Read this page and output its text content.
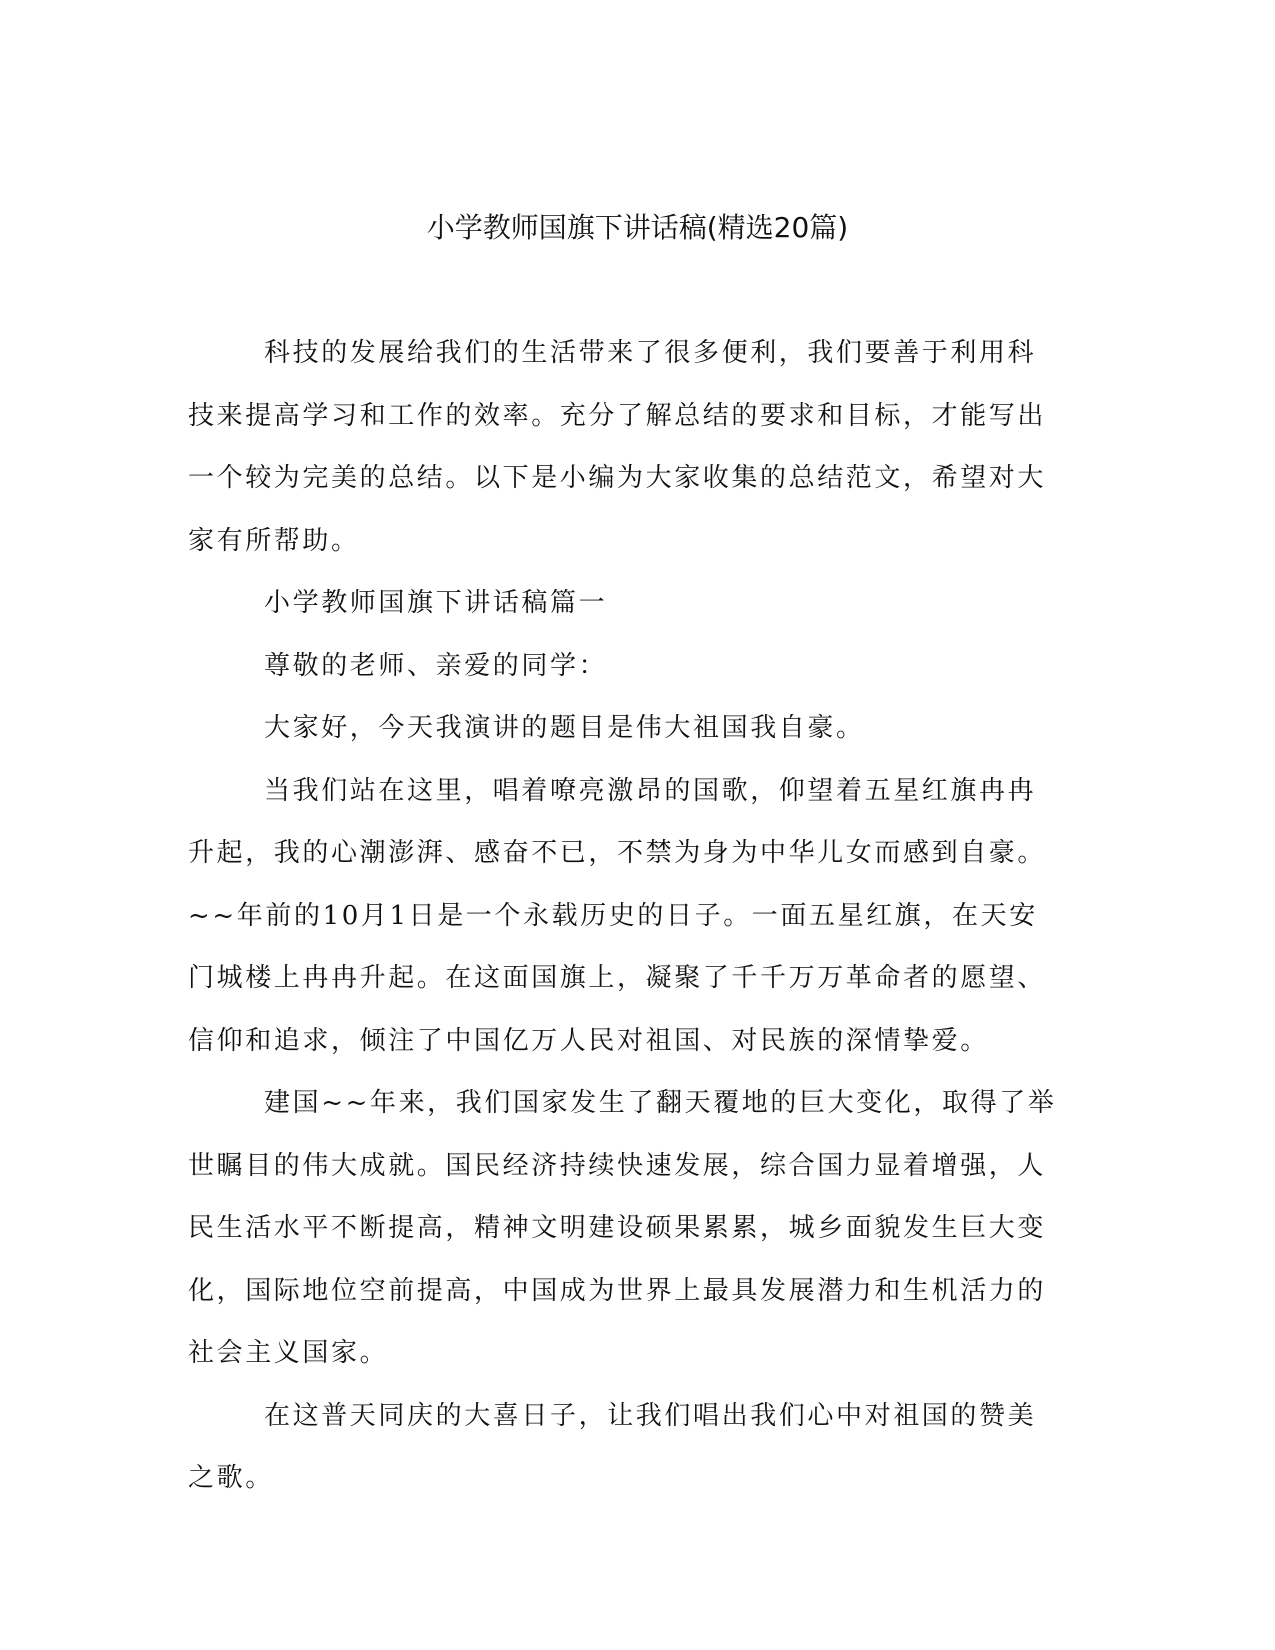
小学教师国旗下讲话稿(精选20篇)

科技的发展给我们的生活带来了很多便利，我们要善于利用科技来提高学习和工作的效率。充分了解总结的要求和目标，才能写出一个较为完美的总结。以下是小编为大家收集的总结范文，希望对大家有所帮助。

小学教师国旗下讲话稿篇一

尊敬的老师、亲爱的同学：

大家好，今天我演讲的题目是伟大祖国我自豪。

当我们站在这里，唱着嘹亮激昂的国歌，仰望着五星红旗冉冉升起，我的心潮澎湃、感奋不已，不禁为身为中华儿女而感到自豪。~~年前的10月1日是一个永载历史的日子。一面五星红旗，在天安门城楼上冉冉升起。在这面国旗上，凝聚了千千万万革命者的愿望、信仰和追求，倾注了中国亿万人民对祖国、对民族的深情挚爱。

建国~~年来，我们国家发生了翻天覆地的巨大变化，取得了举世瞩目的伟大成就。国民经济持续快速发展，综合国力显着增强，人民生活水平不断提高，精神文明建设硕果累累，城乡面貌发生巨大变化，国际地位空前提高，中国成为世界上最具发展潜力和生机活力的社会主义国家。

在这普天同庆的大喜日子，让我们唱出我们心中对祖国的赞美之歌。
